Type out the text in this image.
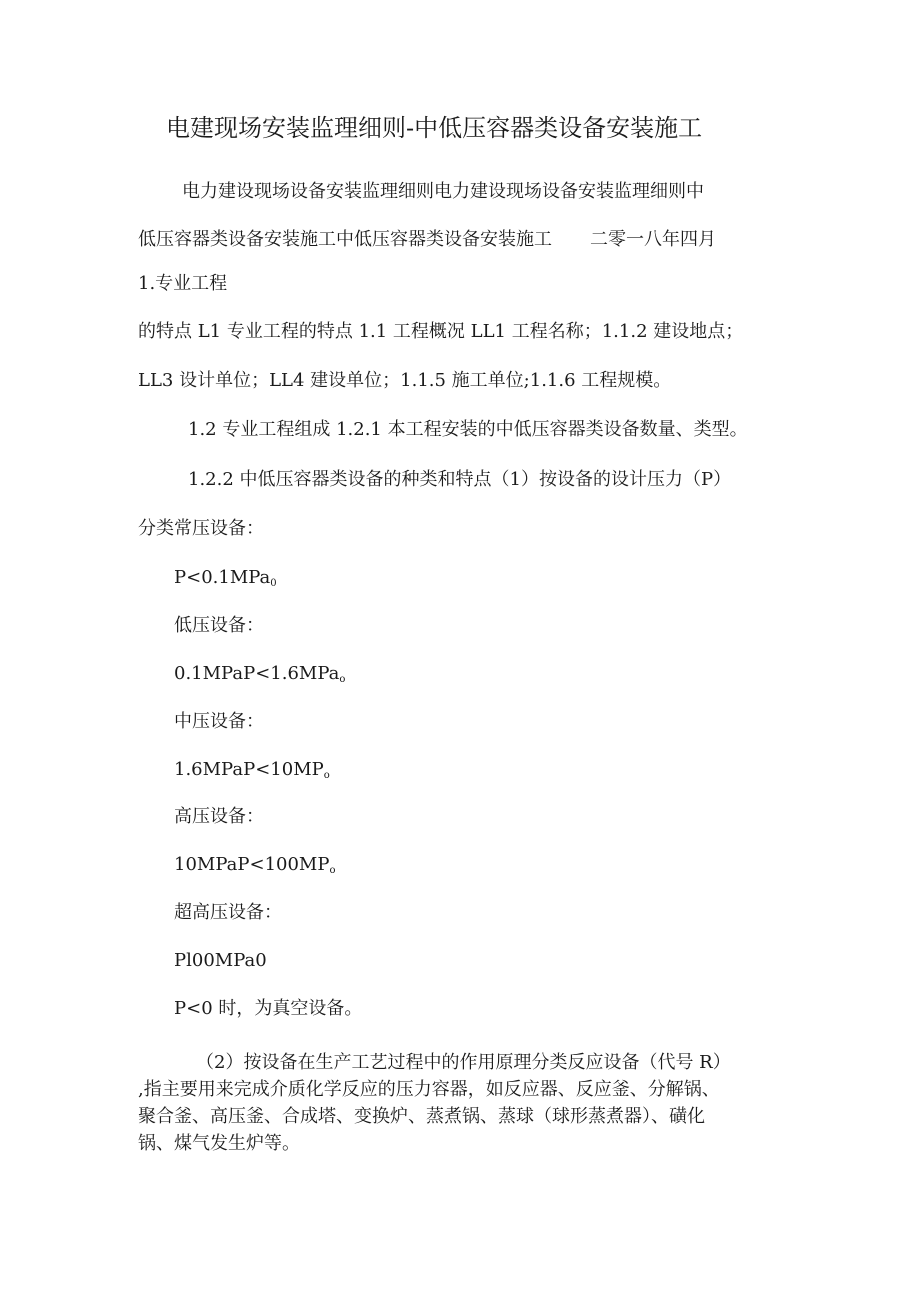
电建现场安装监理细则-中低压容器类设备安装施工
电力建设现场设备安装监理细则电力建设现场设备安装监理细则中
低压容器类设备安装施工中低压容器类设备安装施工 二零一八年四月
1.专业工程
的特点 L1 专业工程的特点 1.1 工程概况 LL1 工程名称；1.1.2 建设地点；
LL3 设计单位；LL4 建设单位；1.1.5 施工单位;1.1.6 工程规模。
1.2 专业工程组成 1.2.1 本工程安装的中低压容器类设备数量、类型。
1.2.2 中低压容器类设备的种类和特点（1）按设备的设计压力（P）
分类常压设备：
P<0.1MPa$_0$
低压设备：
0.1MPaP<1.6MPa$_o$
中压设备：
$1.6MPaP<10MP_o$
高压设备：
$10MPaP<100MP_o$
超高压设备：
Pl00MPa0
P<0 时，为真空设备。
（2）按设备在生产工艺过程中的作用原理分类反应设备（代号 R）
,指主要用来完成介质化学反应的压力容器，如反应器、反应釜、分解锅、
聚合釜、高压釜、合成塔、变换炉、蒸煮锅、蒸球（球形蒸煮器）、磺化
锅、煤气发生炉等。
